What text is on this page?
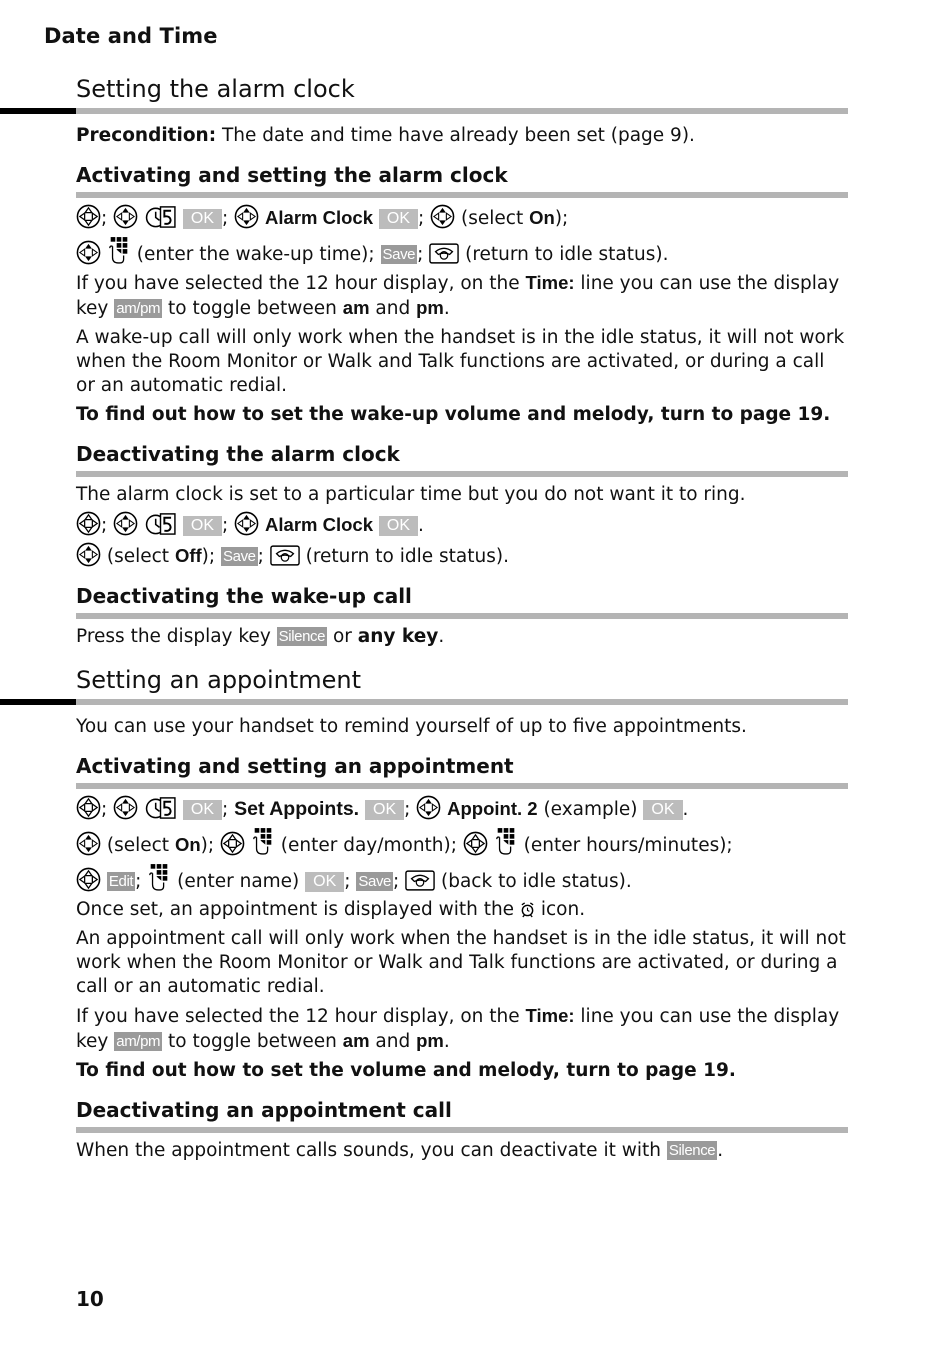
Date and Time
Setting the alarm clock

Precondition: The date and time have already been set (page 9).

Activating and setting the alarm clock

;
	OK ;
Alarm Clock OK ;
(select On);

(enter the wake-up time); Save ;
(return to idle status).

If you have selected the 12 hour display, on the Time: line you can use the display key am/pm to toggle between am and pm.

A wake-up call will only work when the handset is in the idle status, it will not work when the Room Monitor or Walk and Talk functions are activated, or during a call or an automatic redial.

To find out how to set the wake-up volume and melody, turn to page 19.

Deactivating the alarm clock

The alarm clock is set to a particular time but you do not want it to ring.

;
	OK ;
Alarm Clock OK .

(select Off); Save ;
(return to idle status).

Deactivating the wake-up call

Press the display key Silence or any key.

Setting an appointment

You can use your handset to remind yourself of up to five appointments.

Activating and setting an appointment

;
	OK ; Set Appoints. OK ;
Appoint. 2 (example) OK .

(select On);
	(enter day/month);
	(enter hours/minutes);

Edit ;
(enter name) OK ; Save ;
(back to idle status).

Once set, an appointment is displayed with the
icon.

An appointment call will only work when the handset is in the idle status, it will not work when the Room Monitor or Walk and Talk functions are activated, or during a call or an automatic redial.

If you have selected the 12 hour display, on the Time: line you can use the display key am/pm to toggle between am and pm.

To find out how to set the volume and melody, turn to page 19.

Deactivating an appointment call

When the appointment calls sounds, you can deactivate it with Silence .

10
